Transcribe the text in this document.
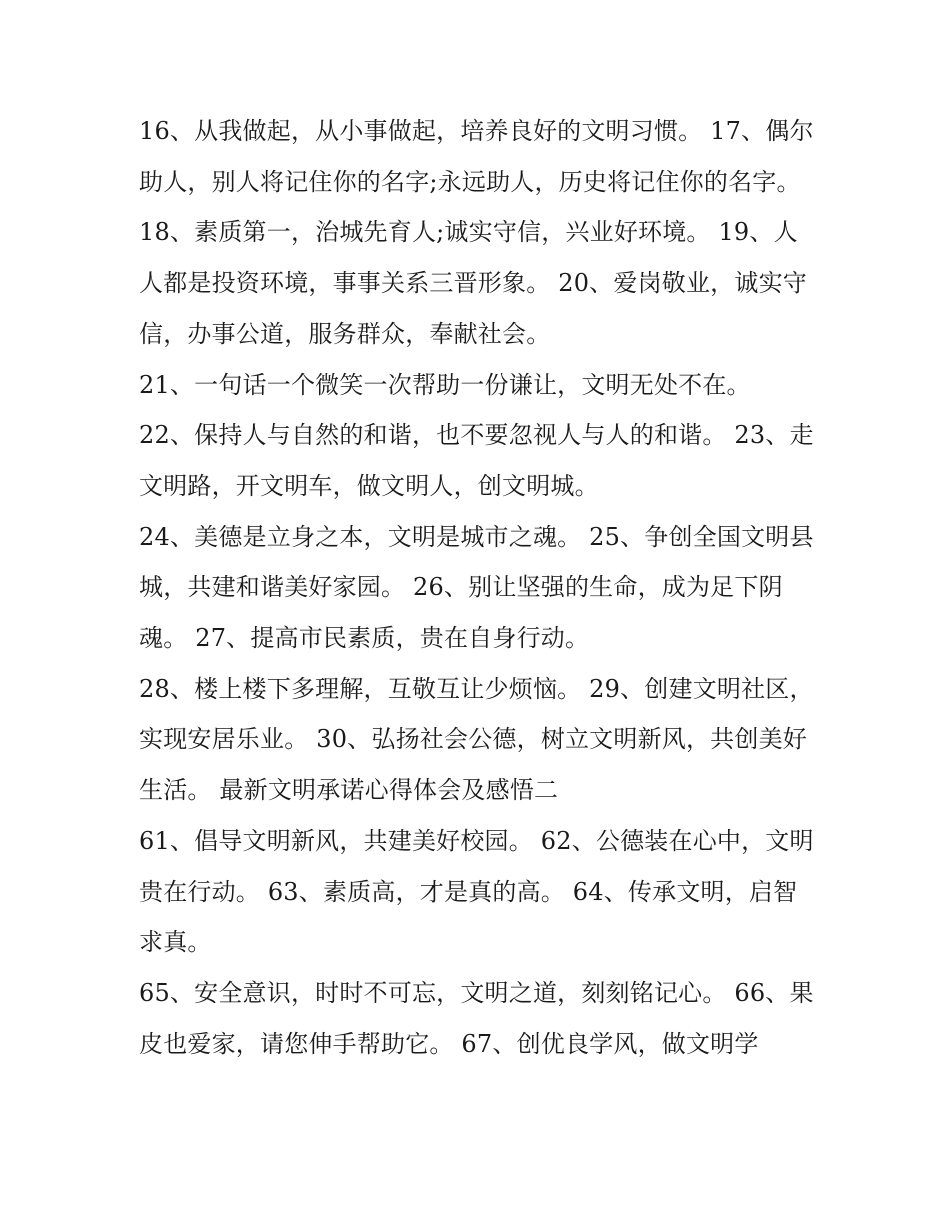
16、从我做起，从小事做起，培养良好的文明习惯。 17、偶尔助人，别人将记住你的名字;永远助人，历史将记住你的名字。

18、素质第一，治城先育人;诚实守信，兴业好环境。 19、人人都是投资环境，事事关系三晋形象。 20、爱岗敬业，诚实守信，办事公道，服务群众，奉献社会。

21、一句话一个微笑一次帮助一份谦让，文明无处不在。

22、保持人与自然的和谐，也不要忽视人与人的和谐。 23、走文明路，开文明车，做文明人，创文明城。

24、美德是立身之本，文明是城市之魂。 25、争创全国文明县城，共建和谐美好家园。 26、别让坚强的生命，成为足下阴魂。 27、提高市民素质，贵在自身行动。

28、楼上楼下多理解，互敬互让少烦恼。 29、创建文明社区，实现安居乐业。 30、弘扬社会公德，树立文明新风，共创美好生活。 最新文明承诺心得体会及感悟二

61、倡导文明新风，共建美好校园。 62、公德装在心中，文明贵在行动。 63、素质高，才是真的高。 64、传承文明，启智求真。

65、安全意识，时时不可忘，文明之道，刻刻铭记心。 66、果皮也爱家，请您伸手帮助它。 67、创优良学风，做文明学
